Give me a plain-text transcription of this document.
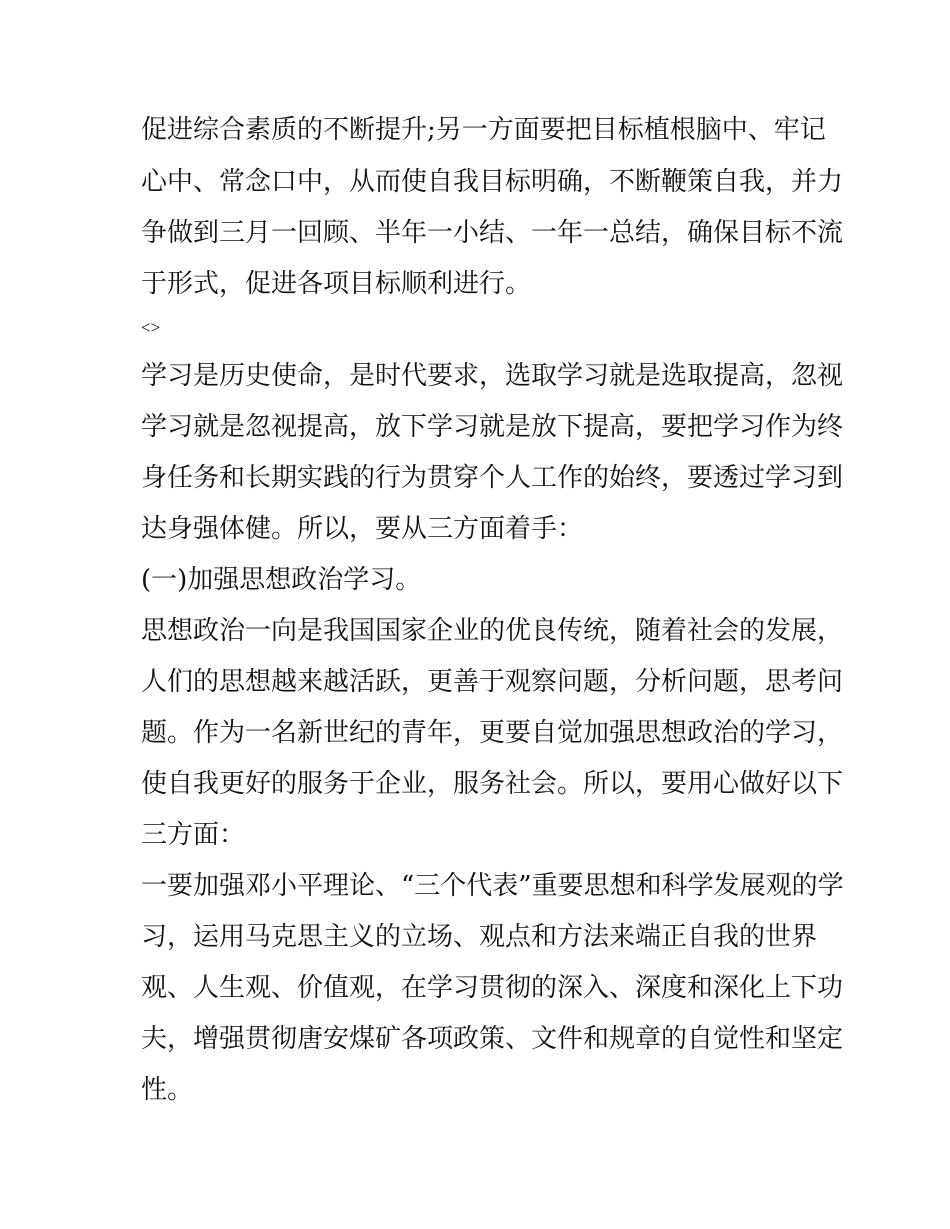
促进综合素质的不断提升;另一方面要把目标植根脑中、牢记
心中、常念口中，从而使自我目标明确，不断鞭策自我，并力
争做到三月一回顾、半年一小结、一年一总结，确保目标不流
于形式，促进各项目标顺利进行。
<>
学习是历史使命，是时代要求，选取学习就是选取提高，忽视
学习就是忽视提高，放下学习就是放下提高，要把学习作为终
身任务和长期实践的行为贯穿个人工作的始终，要透过学习到
达身强体健。所以，要从三方面着手：
(一)加强思想政治学习。
思想政治一向是我国国家企业的优良传统，随着社会的发展，
人们的思想越来越活跃，更善于观察问题，分析问题，思考问
题。作为一名新世纪的青年，更要自觉加强思想政治的学习，
使自我更好的服务于企业，服务社会。所以，要用心做好以下
三方面：
一要加强邓小平理论、“三个代表”重要思想和科学发展观的学
习，运用马克思主义的立场、观点和方法来端正自我的世界
观、人生观、价值观，在学习贯彻的深入、深度和深化上下功
夫，增强贯彻唐安煤矿各项政策、文件和规章的自觉性和坚定
性。
